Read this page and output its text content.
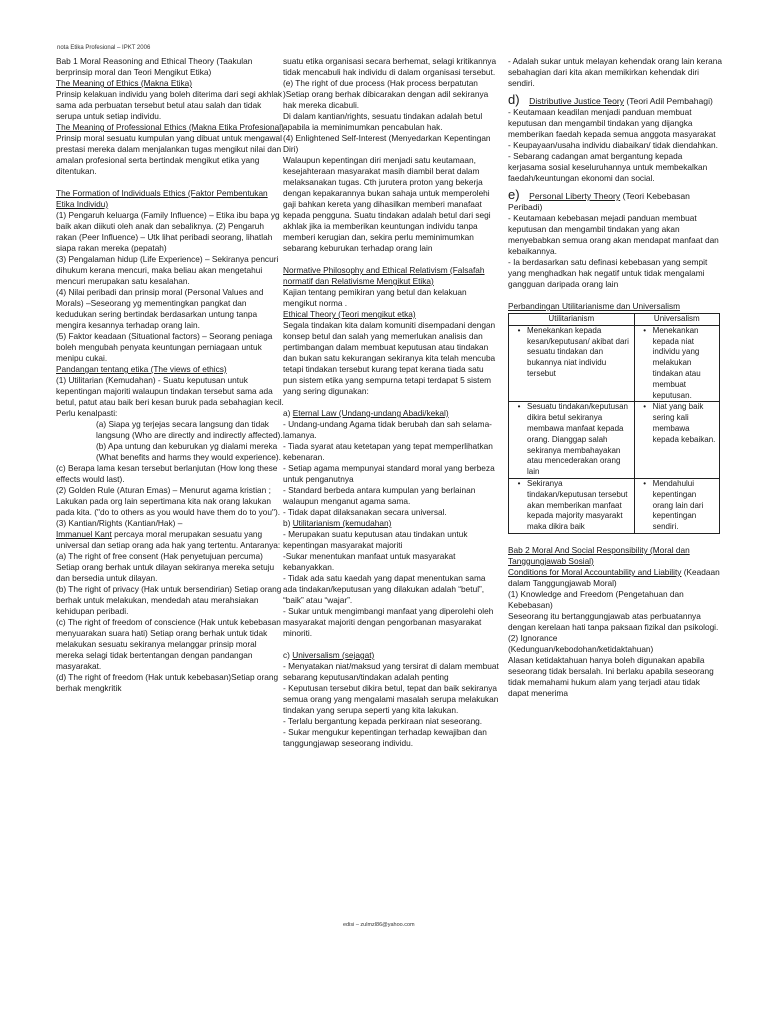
nota Etika Profesional – IPKT 2006

Bab 1 Moral Reasoning and Ethical Theory (Taakulan berprinsip moral dan Teori Mengikut Etika)

The Meaning of Ethics (Makna Etika)

Prinsip kelakuan individu yang boleh diterima dari segi akhlak sama ada perbuatan tersebut betul atau salah dan tidak serupa untuk setiap individu.

The Meaning of Professional Ethics (Makna Etika Profesional)

Prinsip moral sesuatu kumpulan yang dibuat untuk mengawal prestasi mereka dalam menjalankan tugas mengikut nilai dan amalan profesional serta bertindak mengikut etika yang ditentukan.

The Formation of Individuals Ethics (Faktor Pembentukan Etika Individu)

(1) Pengaruh keluarga (Family Influence) – Etika ibu bapa yg baik akan diikuti oleh anak dan sebaliknya. (2) Pengaruh rakan (Peer Influence) – Utk lihat peribadi seorang, lihatlah siapa rakan mereka (pepatah)

(3) Pengalaman hidup (Life Experience) – Sekiranya pencuri dihukum kerana mencuri, maka beliau akan mengetahui mencuri merupakan satu kesalahan.

(4) Nilai peribadi dan prinsip moral (Personal Values and Morals) –Seseorang yg mementingkan pangkat dan kedudukan sering bertindak berdasarkan untung tanpa mengira kesannya terhadap orang lain.

(5) Faktor keadaan (Situational factors) – Seorang peniaga boleh mengubah penyata keuntungan perniagaan untuk menipu cukai.

Pandangan tentang etika (The views of ethics)

(1) Utilitarian (Kemudahan) - Suatu keputusan untuk kepentingan majoriti walaupun tindakan tersebut sama ada betul, patut atau baik beri kesan buruk pada sebahagian kecil. Perlu kenalpasti:

(a) Siapa yg terjejas secara langsung dan tidak langsung (Who are directly and indirectly affected).

(b) Apa untung dan keburukan yg dialami mereka (What benefits and harms they would experience).

(c) Berapa lama kesan tersebut berlanjutan (How long these effects would last).

(2) Golden Rule (Aturan Emas) – Menurut agama kristian ; Lakukan pada org lain sepertimana kita nak orang lakukan pada kita. ("do to others as you would have them do to you").

(3) Kantian/Rights (Kantian/Hak) –

Immanuel Kant percaya moral merupakan sesuatu yang universal dan setiap orang ada hak yang tertentu. Antaranya:

(a) The right of free consent (Hak penyetujuan percuma) Setiap orang berhak untuk dilayan sekiranya mereka setuju dan bersedia untuk dilayan.

(b) The right of privacy (Hak untuk bersendirian) Setiap orang berhak untuk melakukan, mendedah atau merahsiakan kehidupan peribadi.

(c) The right of freedom of conscience (Hak untuk kebebasan menyuarakan suara hati) Setiap orang berhak untuk tidak melakukan sesuatu sekiranya melanggar prinsip moral mereka selagi tidak bertentangan dengan pandangan masyarakat.

(d) The right of freedom (Hak untuk kebebasan)Setiap orang berhak mengkritik

suatu etika organisasi secara berhemat, selagi kritikannya tidak mencabuli hak individu di dalam organisasi tersebut.

(e) The right of due process (Hak process berpatutan )Setiap orang berhak dibicarakan dengan adil sekiranya hak mereka dicabuli.

Di dalam kantian/rights, sesuatu tindakan adalah betul apabila ia meminimumkan pencabulan hak.

(4) Enlightened Self-Interest (Menyedarkan Kepentingan Diri)

Walaupun kepentingan diri menjadi satu keutamaan, kesejahteraan masyarakat masih diambil berat dalam melaksanakan tugas. Cth jurutera proton yang bekerja dengan kepakarannya bukan sahaja untuk memperolehi gaji bahkan kereta yang dihasilkan memberi manafaat kepada pengguna. Suatu tindakan adalah betul dari segi akhlak jika ia memberikan keuntungan individu tanpa memberi kerugian dan, sekira perlu meminimumkan sebarang keburukan terhadap orang lain

Normative Philosophy and Ethical Relativism (Falsafah normatif dan Relativisme Mengikut Etika)

Kajian tentang pemikiran yang betul dan kelakuan mengikut norma .

Ethical Theory (Teori mengikut etka)

Segala tindakan kita dalam komuniti disempadani dengan konsep betul dan salah yang memerlukan analisis dan pertimbangan dalam membuat keputusan atau tindakan dan bukan satu kekurangan sekiranya kita telah mencuba tetapi tindakan tersebut kurang tepat kerana tiada satu pun sistem etika yang sempurna tetapi terdapat 5 sistem yang sering digunakan:

a) Eternal Law (Undang-undang Abadi/kekal)

- Undang-undang Agama tidak berubah dan sah selama-lamanya.

- Tiada syarat atau ketetapan yang tepat memperlihatkan kebenaran.

- Setiap agama mempunyai standard moral yang berbeza untuk penganutnya

- Standard berbeda antara kumpulan yang berlainan walaupun menganut agama sama.

- Tidak dapat dilaksanakan secara universal.

b) Utilitarianism (kemudahan)

- Merupakan suatu keputusan atau tindakan untuk kepentingan masyarakat majoriti

-Sukar menentukan manfaat untuk masyarakat kebanyakkan.

- Tidak ada satu kaedah yang dapat menentukan sama ada tindakan/keputusan yang dilakukan adalah “betul”, “baik” atau “wajar”.

- Sukar untuk mengimbangi manfaat yang diperolehi oleh masyarakat majoriti dengan pengorbanan masyarakat minoriti.

c) Universalism (sejagat)

- Menyatakan niat/maksud yang tersirat di dalam membuat sebarang keputusan/tindakan adalah penting

- Keputusan tersebut dikira betul, tepat dan baik sekiranya semua orang yang mengalami masalah serupa melakukan tindakan yang serupa seperti yang kita lakukan.

- Terlalu bergantung kepada perkiraan niat seseorang.

- Sukar mengukur kepentingan terhadap kewajiban dan tanggungjawap seseorang individu.

- Adalah sukar untuk melayan kehendak orang lain kerana sebahagian dari kita akan memikirkan kehendak diri sendiri.

d) Distributive Justice Teory (Teori Adil Pembahagi)

- Keutamaan keadilan menjadi panduan membuat keputusan dan mengambil tindakan yang dijangka memberikan faedah kepada semua anggota masyarakat

- Keupayaan/usaha individu diabaikan/ tidak diendahkan.

- Sebarang cadangan amat bergantung kepada kerjasama sosial keseluruhannya untuk membekalkan faedah/keuntungan ekonomi dan social.

e) Personal Liberty Theory (Teori Kebebasan Peribadi)

- Keutamaan kebebasan mejadi panduan membuat keputusan dan mengambil tindakan yang akan menyebabkan semua orang akan mendapat manfaat dan kebaikannya.

- Ia berdasarkan satu definasi kebebasan yang sempit yang menghadkan hak negatif untuk tidak mengalami gangguan daripada orang lain

Perbandingan Utilitarianisme dan Universalism

Utilitarianism	Universalism

• Menekankan kepada kesan/keputusan/ akibat dari sesuatu tindakan dan bukannya niat individu tersebut	• Menekankan kepada niat individu yang melakukan tindakan atau membuat keputusan.

• Sesuatu tindakan/keputusan dikira betul sekiranya membawa manfaat kepada orang. Dianggap salah sekiranya membahayakan atau mencederakan orang lain	• Niat yang baik sering kali membawa kepada kebaikan.

• Sekiranya tindakan/keputusan tersebut akan memberikan manfaat kepada majority masyarakt maka dikira baik	• Mendahului kepentingan orang lain dari kepentingan sendiri.

Bab 2 Moral And Social Responsibility (Moral dan Tanggungjawab Sosial)

Conditions for Moral Accountability and Liability (Keadaan dalam Tanggungjawab Moral)

(1) Knowledge and Freedom (Pengetahuan dan Kebebasan)

Seseorang itu bertanggungjawab atas perbuatannya dengan kerelaan hati tanpa paksaan fizikal dan psikologi.

(2) Ignorance

(Kedunguan/kebodohan/ketidaktahuan)

Alasan ketidaktahuan hanya boleh digunakan apabila seseorang tidak bersalah. Ini berlaku apabila seseorang tidak memahami hukum alam yang terjadi atau tidak dapat menerima

edisi – zulmzl86@yahoo.com
